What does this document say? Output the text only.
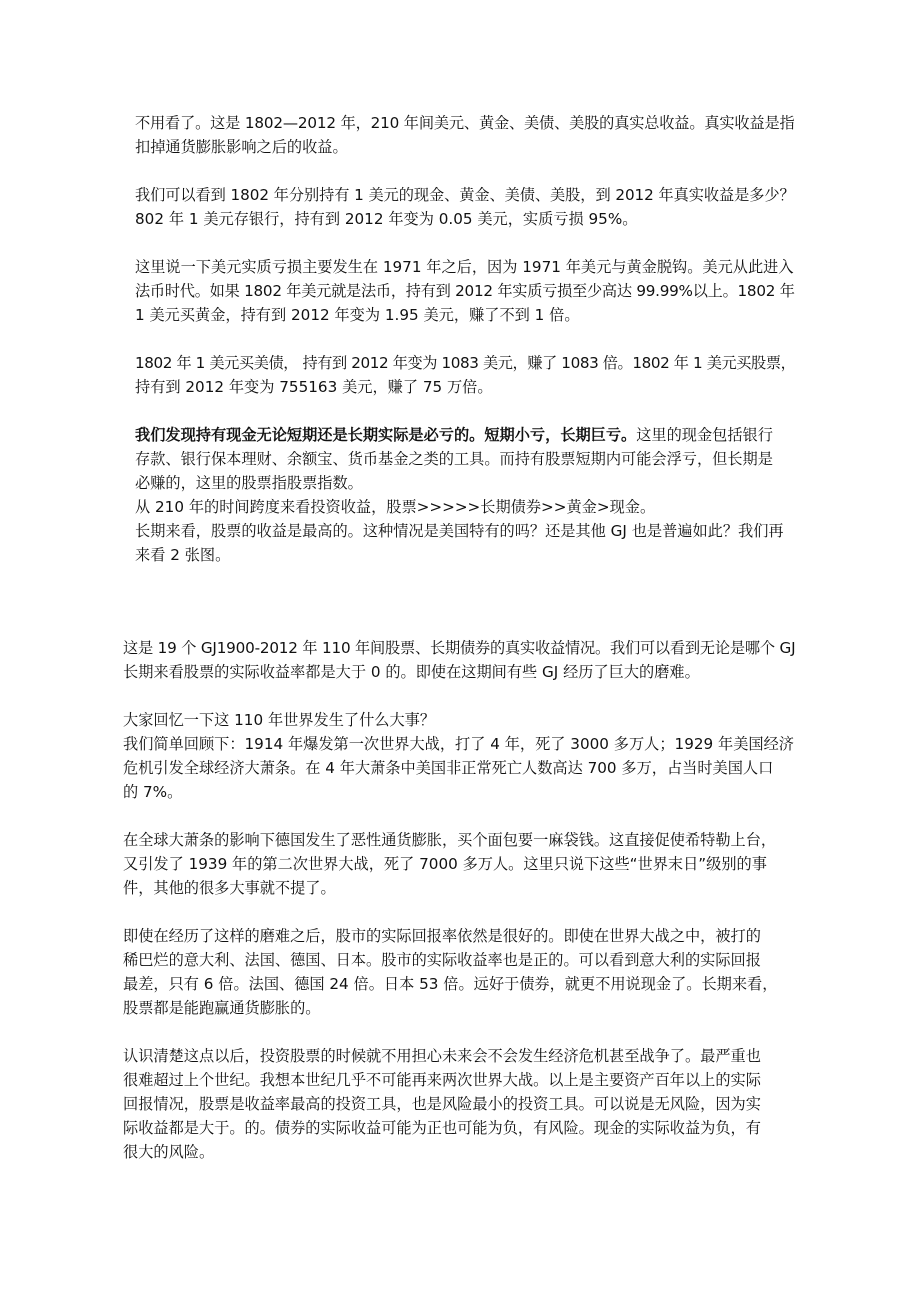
不用看了。这是 1802—2012 年，210 年间美元、黄金、美债、美股的真实总收益。真实收益是指
扣掉通货膨胀影响之后的收益。

我们可以看到 1802 年分别持有 1 美元的现金、黄金、美债、美股，到 2012 年真实收益是多少？
802 年 1 美元存银行，持有到 2012 年变为 0.05 美元，实质亏损 95%。

这里说一下美元实质亏损主要发生在 1971 年之后，因为 1971 年美元与黄金脱钩。美元从此进入
法币时代。如果 1802 年美元就是法币，持有到 2012 年实质亏损至少高达 99.99%以上。1802 年
1 美元买黄金，持有到 2012 年变为 1.95 美元，赚了不到 1 倍。

1802 年 1 美元买美债， 持有到 2012 年变为 1083 美元，赚了 1083 倍。1802 年 1 美元买股票，
持有到 2012 年变为 755163 美元，赚了 75 万倍。

我们发现持有现金无论短期还是长期实际是必亏的。短期小亏，长期巨亏。这里的现金包括银行
存款、银行保本理财、余额宝、货币基金之类的工具。而持有股票短期内可能会浮亏，但长期是
必赚的，这里的股票指股票指数。
从 210 年的时间跨度来看投资收益，股票>>>>>长期债券>>黄金>现金。
长期来看，股票的收益是最高的。这种情况是美国特有的吗？还是其他 GJ 也是普遍如此？我们再
来看 2 张图。

这是 19 个 GJ1900-2012 年 110 年间股票、长期债券的真实收益情况。我们可以看到无论是哪个 GJ
长期来看股票的实际收益率都是大于 0 的。即使在这期间有些 GJ 经历了巨大的磨难。

大家回忆一下这 110 年世界发生了什么大事？
我们简单回顾下：1914 年爆发第一次世界大战，打了 4 年，死了 3000 多万人；1929 年美国经济
危机引发全球经济大萧条。在 4 年大萧条中美国非正常死亡人数高达 700 多万，占当时美国人口
的 7%。

在全球大萧条的影响下德国发生了恶性通货膨胀，买个面包要一麻袋钱。这直接促使希特勒上台，
又引发了 1939 年的第二次世界大战，死了 7000 多万人。这里只说下这些“世界末日”级别的事
件，其他的很多大事就不提了。

即使在经历了这样的磨难之后，股市的实际回报率依然是很好的。即使在世界大战之中，被打的
稀巴烂的意大利、法国、德国、日本。股市的实际收益率也是正的。可以看到意大利的实际回报
最差，只有 6 倍。法国、德国 24 倍。日本 53 倍。远好于债券，就更不用说现金了。长期来看，
股票都是能跑赢通货膨胀的。

认识清楚这点以后，投资股票的时候就不用担心未来会不会发生经济危机甚至战争了。最严重也
很难超过上个世纪。我想本世纪几乎不可能再来两次世界大战。以上是主要资产百年以上的实际
回报情况，股票是收益率最高的投资工具，也是风险最小的投资工具。可以说是无风险，因为实
际收益都是大于。的。债券的实际收益可能为正也可能为负，有风险。现金的实际收益为负，有
很大的风险。
